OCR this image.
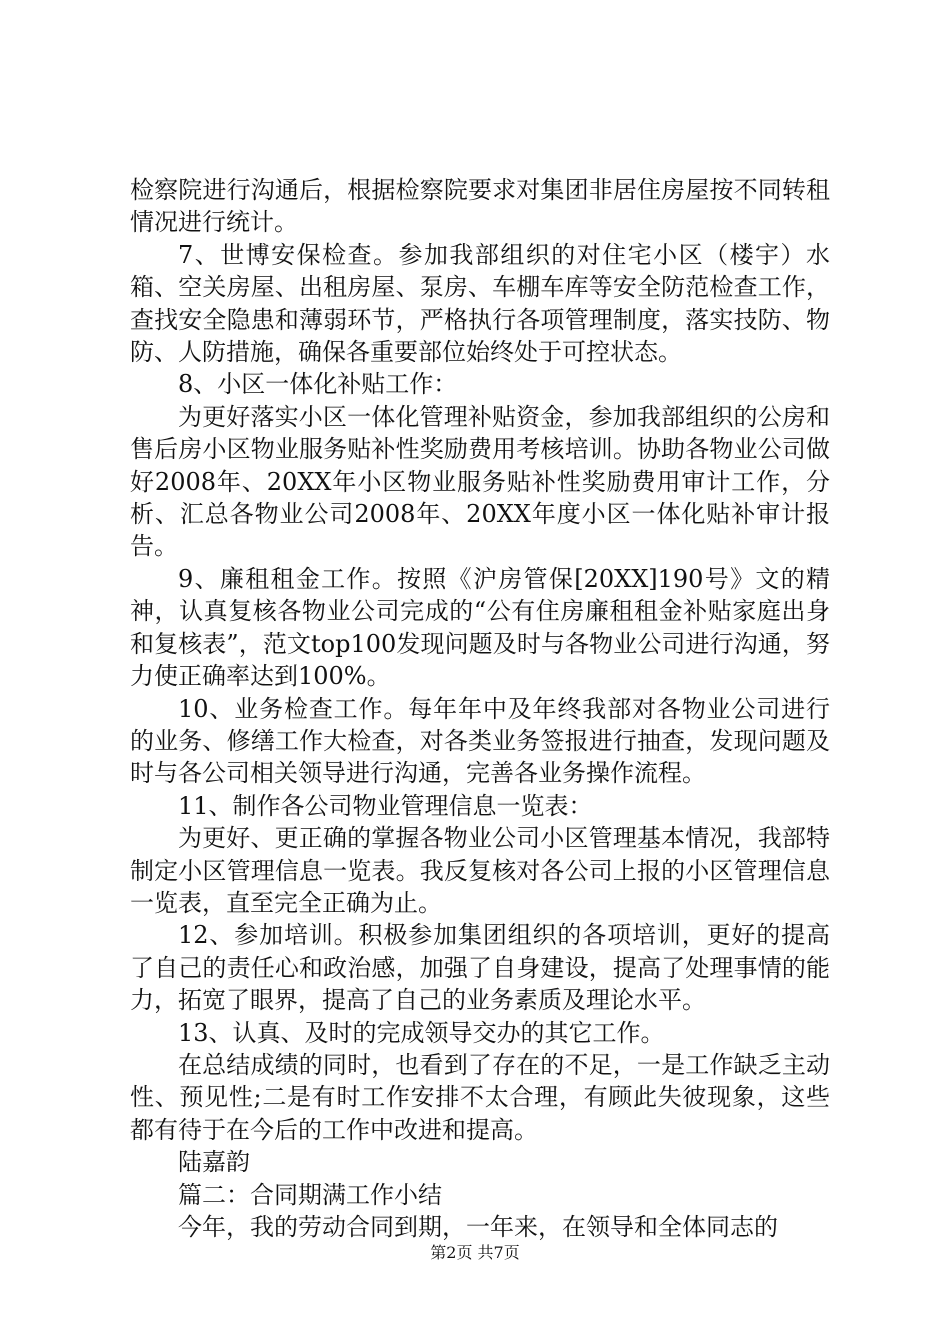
检察院进行沟通后，根据检察院要求对集团非居住房屋按不同转租情况进行统计。

7、世博安保检查。参加我部组织的对住宅小区（楼宇）水箱、空关房屋、出租房屋、泵房、车棚车库等安全防范检查工作，查找安全隐患和薄弱环节，严格执行各项管理制度，落实技防、物防、人防措施，确保各重要部位始终处于可控状态。

8、小区一体化补贴工作：

为更好落实小区一体化管理补贴资金，参加我部组织的公房和售后房小区物业服务贴补性奖励费用考核培训。协助各物业公司做好2008年、20XX年小区物业服务贴补性奖励费用审计工作，分析、汇总各物业公司2008年、20XX年度小区一体化贴补审计报告。

9、廉租租金工作。按照《沪房管保[20XX]190号》文的精神，认真复核各物业公司完成的“公有住房廉租租金补贴家庭出身和复核表”，范文top100发现问题及时与各物业公司进行沟通，努力使正确率达到100%。

10、业务检查工作。每年年中及年终我部对各物业公司进行的业务、修缮工作大检查，对各类业务签报进行抽查，发现问题及时与各公司相关领导进行沟通，完善各业务操作流程。

11、制作各公司物业管理信息一览表：

为更好、更正确的掌握各物业公司小区管理基本情况，我部特制定小区管理信息一览表。我反复核对各公司上报的小区管理信息一览表，直至完全正确为止。

12、参加培训。积极参加集团组织的各项培训，更好的提高了自己的责任心和政治感，加强了自身建设，提高了处理事情的能力，拓宽了眼界，提高了自己的业务素质及理论水平。

13、认真、及时的完成领导交办的其它工作。

在总结成绩的同时，也看到了存在的不足，一是工作缺乏主动性、预见性;二是有时工作安排不太合理，有顾此失彼现象，这些都有待于在今后的工作中改进和提高。

陆嘉韵

篇二：合同期满工作小结

今年，我的劳动合同到期，一年来，在领导和全体同志的

第2页 共7页
